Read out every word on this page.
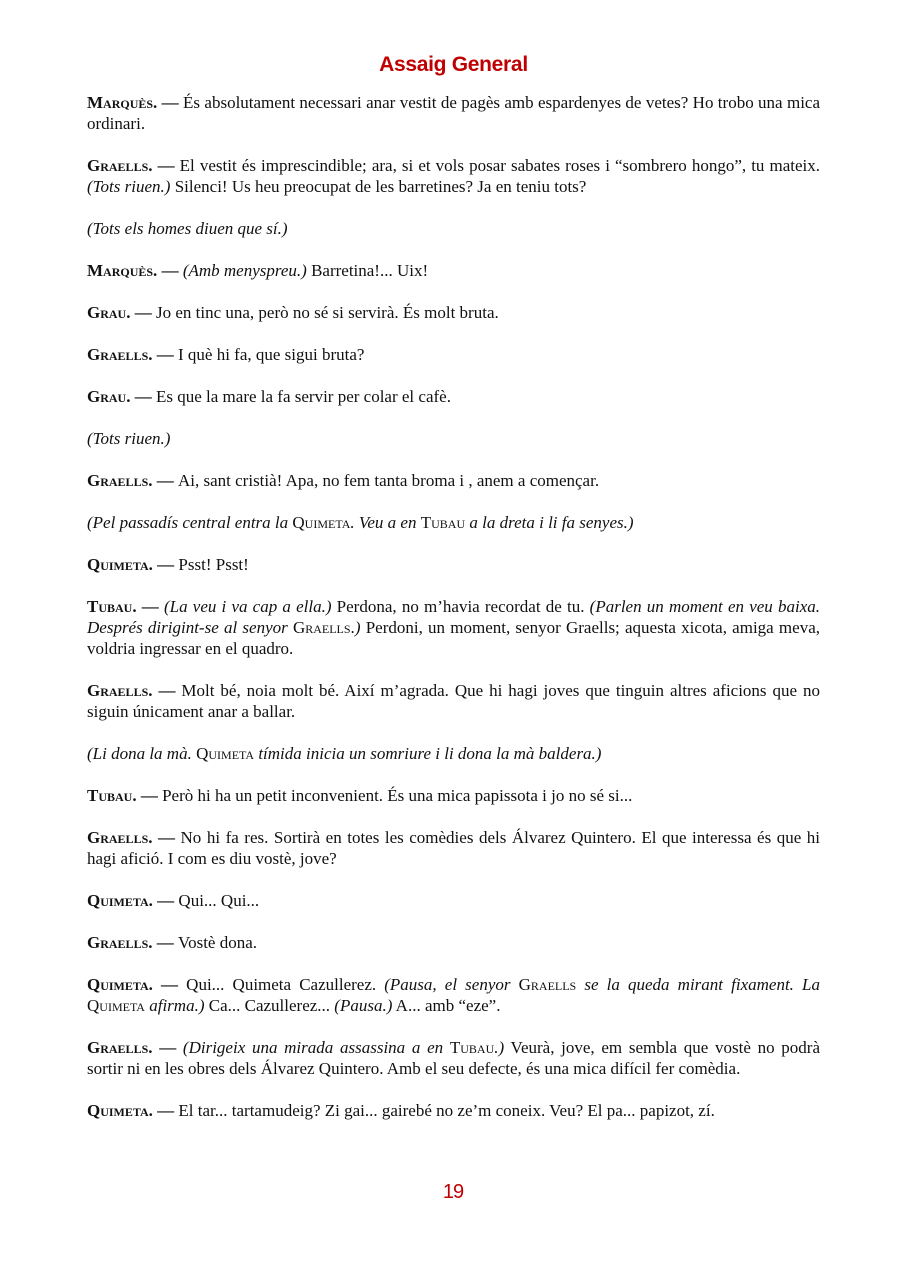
Assaig General

Marquès. — És absolutament necessari anar vestit de pagès amb espardenyes de vetes? Ho trobo una mica ordinari.

Graells. — El vestit és imprescindible; ara, si et vols posar sabates roses i “sombrero hongo”, tu mateix. (Tots riuen.) Silenci! Us heu preocupat de les barretines? Ja en teniu tots?

(Tots els homes diuen que sí.)

Marquès. — (Amb menyspreu.) Barretina!... Uix!

Grau. — Jo en tinc una, però no sé si servirà. És molt bruta.

Graells. — I què hi fa, que sigui bruta?

Grau. — Es que la mare la fa servir per colar el cafè.

(Tots riuen.)

Graells. — Ai, sant cristià! Apa, no fem tanta broma i , anem a començar.

(Pel passadís central entra la Quimeta. Veu a en Tubau a la dreta i li fa senyes.)

Quimeta. — Psst! Psst!

Tubau. — (La veu i va cap a ella.) Perdona, no m’havia recordat de tu. (Parlen un moment en veu baixa. Després dirigint-se al senyor Graells.) Perdoni, un moment, senyor Graells; aquesta xicota, amiga meva, voldria ingressar en el quadro.

Graells. — Molt bé, noia molt bé. Així m’agrada. Que hi hagi joves que tinguin altres aficions que no siguin únicament anar a ballar.

(Li dona la mà. Quimeta tímida inicia un somriure i li dona la mà baldera.)

Tubau. — Però hi ha un petit inconvenient. És una mica papissota i jo no sé si...

Graells. — No hi fa res. Sortirà en totes les comèdies dels Álvarez Quintero. El que interessa és que hi hagi afició. I com es diu vostè, jove?

Quimeta. — Qui... Qui...

Graells. — Vostè dona.

Quimeta. — Qui... Quimeta Cazullerez. (Pausa, el senyor Graells se la queda mirant fixament. La Quimeta afirma.) Ca... Cazullerez... (Pausa.) A... amb “eze”.

Graells. — (Dirigeix una mirada assassina a en Tubau.) Veurà, jove, em sembla que vostè no podrà sortir ni en les obres dels Álvarez Quintero. Amb el seu defecte, és una mica difícil fer comèdia.

Quimeta. — El tar... tartamudeig? Zi gai... gairebé no ze’m coneix. Veu? El pa... papizot, zí.

19
